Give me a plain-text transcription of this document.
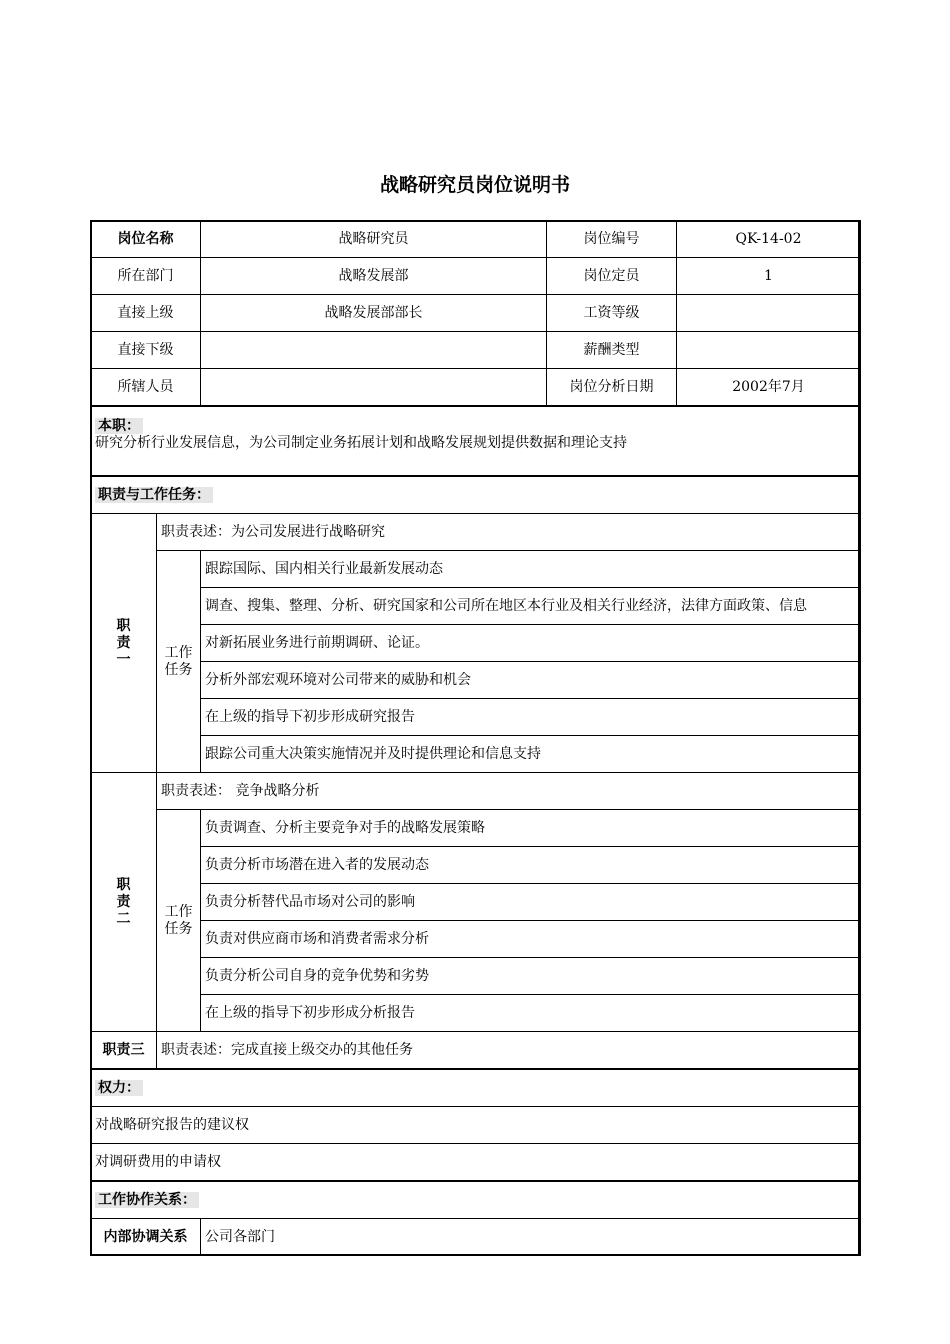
战略研究员岗位说明书
岗位名称		战略研究员	岗位编号	QK-14-02
所在部门		战略发展部	岗位定员	1
直接上级		战略发展部部长	工资等级	
直接下级			薪酬类型	
所辖人员			岗位分析日期	2002年7月

本职：
研究分析行业发展信息，为公司制定业务拓展计划和战略发展规划提供数据和理论支持				

职责与工作任务：				
职
责
一	职责表述：为公司发展进行战略研究			
	工作
任务	跟踪国际、国内相关行业最新发展动态		
		调查、搜集、整理、分析、研究国家和公司所在地区本行业及相关行业经济，法律方面政策、信息		
		对新拓展业务进行前期调研、论证。		
		分析外部宏观环境对公司带来的威胁和机会		
		在上级的指导下初步形成研究报告		
		跟踪公司重大决策实施情况并及时提供理论和信息支持		
职
责
二	职责表述： 竞争战略分析			
	工作
任务	负责调查、分析主要竞争对手的战略发展策略		
		负责分析市场潜在进入者的发展动态		
		负责分析替代品市场对公司的影响		
		负责对供应商市场和消费者需求分析		
		负责分析公司自身的竞争优势和劣势		
		在上级的指导下初步形成分析报告		
职责三	职责表述：完成直接上级交办的其他任务			
权力：				
对战略研究报告的建议权				
对调研费用的申请权				
工作协作关系：				
内部协调关系		公司各部门		
